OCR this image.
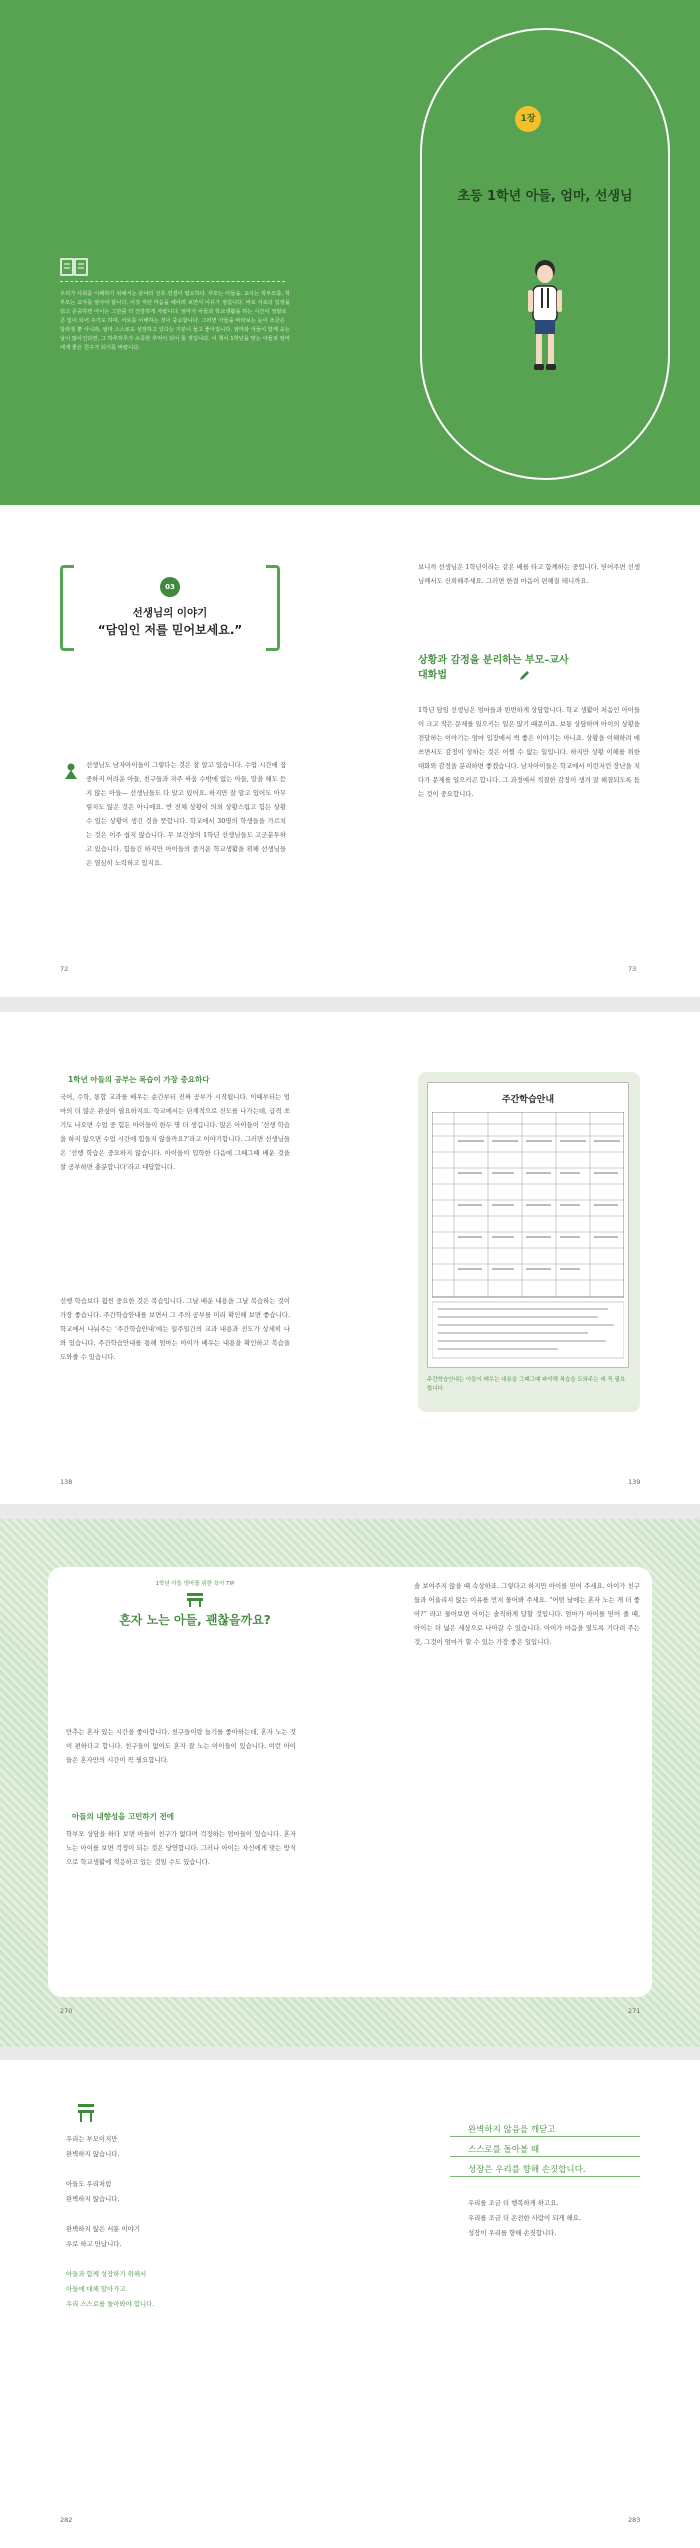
1장
초등 1학년 아들, 엄마, 선생님
우리가 사회를 이해하기 위해서는 분야의 상호 연결이 필요하다. 부모는 아들을, 교사는 학부모를, 학부모는 교사를 알아야 합니다. 이것 저런 마음을 헤아려 보면서 이유가 생깁니다. 바로 서로의 입장을 읽고 존중하면 아이는 그만큼 더 건강하게 자랍니다. 엄마가 아들과 학교생활을 하는 시간이 정말로 큰 힘이 되어 주기도 하며, 서로를 이해하는 것이 중요합니다. 그러면 아들을 바라보는 눈이 조금은 달라질 뿐 아니라, 엄마 스스로도 성장하고 있다는 기분이 들고 좋아집니다. 엄마와 아들이 함께 웃는 날이 많아진다면, 그 하루하루가 소중한 추억이 되어 줄 것입니다. 이 책이 1학년을 맞는 아들과 엄마에게 좋은 친구가 되기를 바랍니다.
03
선생님의 이야기
“담임인 저를 믿어보세요.”
선생님도 남자아이들이 그렇다는 것은 잘 알고 있습니다. 수업 시간에 집중하지 어려운 아들, 친구들과 자주 싸움 수밖에 없는 아들, 말을 해도 듣지 않는 아들— 선생님들도 다 알고 있어요. 하지만 잘 알고 있어도 아무렇지도 않은 것은 아니에요. 반 전체 상황이 의외 상황스럽고 힘든 상황 수 있는 상황이 생긴 것을 뜻합니다. 학교에서 30명의 학생들을 가르치는 것은 이주 쉽지 않습니다. 무 보건상의 1학년 선생님들도 고군분투하고 있습니다. 힘들긴 하지만 아이들의 즐거운 학교생활을 위해 선생님들은 열심히 노력하고 있지요.
72
보니까 선생님은 1학년이라는 같은 배를 타고 함께하는 중입니다. 믿어주면 선생님께서도 신뢰해주세요. 그러면 한결 마음이 편해질 테니까요.
상황과 감정을 분리하는 부모–교사 대화법
1학년 담임 선생님은 엄마들과 빈번하게 상담합니다. 학교 생활이 처음인 아이들이 크고 작은 문제를 일으키는 일은 많기 때문이죠. 보통 상담하며 아이의 상황을 전달하는 이야기는 엄마 입장에서 썩 좋은 이야기는 아니죠. 상황을 이해하려 애쓰면서도 감정이 상하는 것은 어쩔 수 없는 일입니다. 하지만 상황 이해를 위한 대화와 감정을 분리하면 좋겠습니다. 남자아이들은 학교에서 이런저런 장난을 치다가 문제를 일으키곤 합니다. 그 과정에서 적절한 감정이 생겨 잘 해결되도록 돕는 것이 중요합니다.
73
1학년 아들의 공부는 복습이 가장 중요하다
국어, 수학, 통합 교과를 배우는 순간부터 진짜 공부가 시작됩니다. 이때부터는 엄마의 더 많은 관심이 필요하지요. 학교에서는 단계적으로 진도를 나가는데, 급격 쏘기도 나오면 수업 중 힘든 아이들이 한두 명 더 생깁니다. 많은 아이들이 ‘선생 학습을 하지 않으면 수업 시간에 힘들지 않을까요?’라고 이야기합니다. 그러면 선생님들은 ‘선행 학습은 중요하지 않습니다. 아이들이 입학한 다음에 그때그때 배운 것을 잘 공부하면 충분합니다’라고 대답합니다.
선행 학습보다 훨씬 중요한 것은 복습입니다. 그날 배운 내용을 그날 복습하는 것이 가장 좋습니다. 주간학습안내를 보면서 그 주의 공부를 미리 확인해 보면 좋습니다. 학교에서 나눠주는 ‘주간학습안내’에는 일주일간의 교과 내용과 진도가 상세히 나와 있습니다. 주간학습안내를 통해 엄마는 아이가 배우는 내용을 확인하고 복습을 도와줄 수 있습니다.
138
주간학습안내
주간학습안내는 아들이 배우는 내용을 그때그때 파악해 복습을 도와주는 데 꼭 필요합니다.
139
1학년 아들 엄마를 위한 육아 TIP
혼자 노는 아들, 괜찮을까요?
만추는 혼자 있는 시간을 좋아합니다. 친구들이랑 놀기를 좋아하는데, 혼자 노는 것이 편하다고 합니다. 친구들이 없어도 혼자 잘 노는 아이들이 있습니다. 이런 아이들은 혼자만의 시간이 꼭 필요합니다.
아들의 내향성을 고민하기 전에
학부모 상담을 하다 보면 아들이 친구가 없다며 걱정하는 엄마들이 있습니다. 혼자 노는 아이를 보면 걱정이 되는 것은 당연합니다. 그러나 아이는 자신에게 맞는 방식으로 학교생활에 적응하고 있는 것일 수도 있습니다.
270
솔 보여주지 않을 때 속상하죠. 그렇다고 하지만 아이를 믿어 주세요. 아이가 친구들과 어울리지 않는 이유를 먼저 물어봐 주세요. “어떤 날에는 혼자 노는 게 더 좋아?” 라고 물어보면 아이는 솔직하게 답할 것입니다. 엄마가 아이를 믿어 줄 때, 아이는 더 넓은 세상으로 나아갈 수 있습니다. 아이가 마음을 열도록 기다려 주는 것, 그것이 엄마가 할 수 있는 가장 좋은 일입니다.
271
우리는 부모이지만
완벽하지 않습니다.
아들도 우리처럼
완벽하지 않습니다.
완벽하지 않은 서툰 이야기
우로 하고 만납니다.
아들과 함께 성장하기 위해서
아들에 대해 알아가고
우리 스스로를 돌아봐야 합니다.
282
완벽하지 않음을 깨닫고
스스로를 돌아볼 때
성장은 우리를 향해 손짓합니다.
우리를 조금 더 행복하게 하고요.
우리를 조금 더 온전한 사람이 되게 해요.
성장이 우리를 향해 손짓합니다.
283
